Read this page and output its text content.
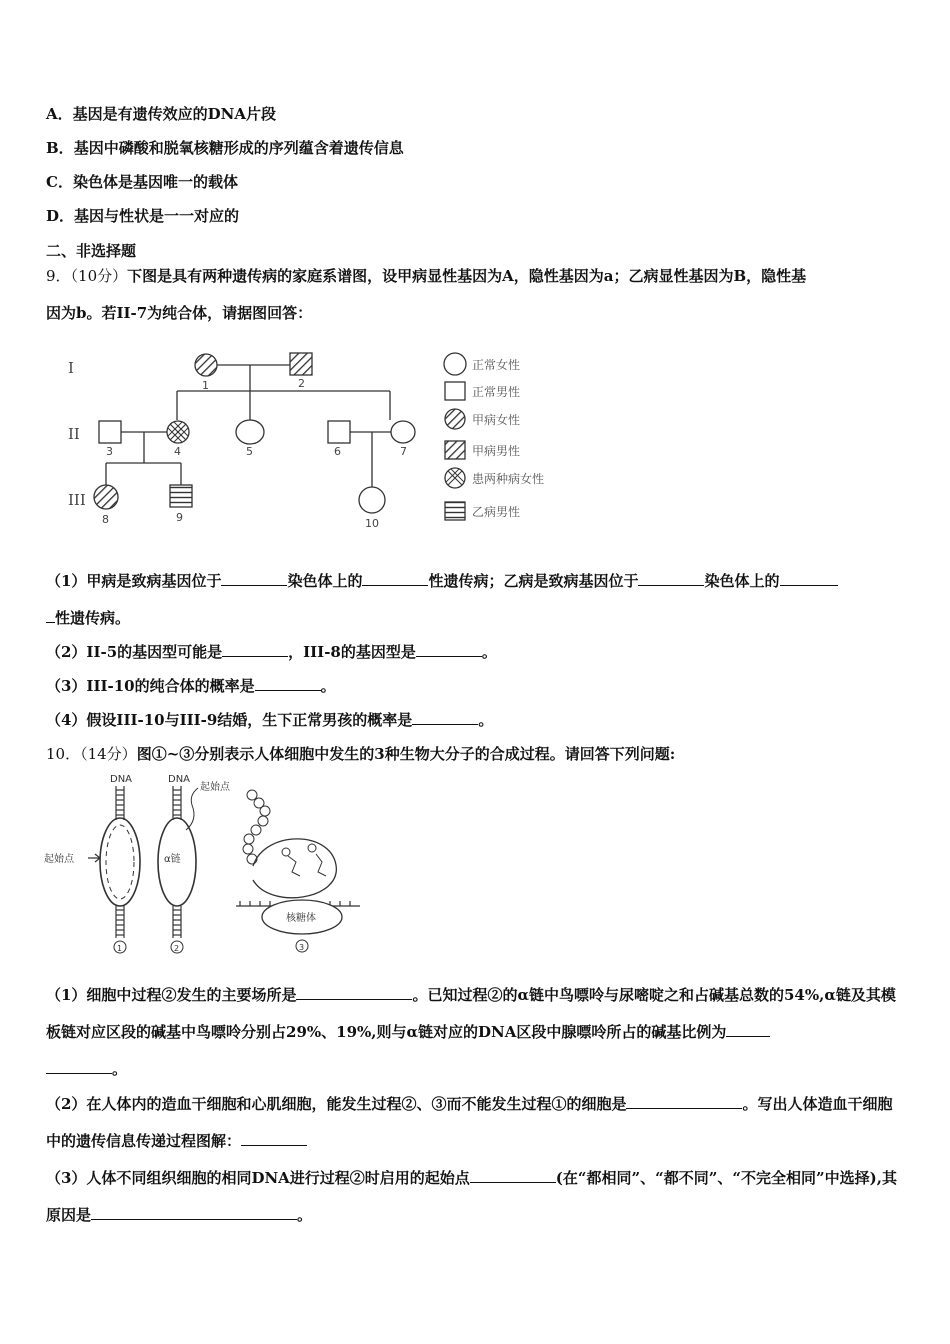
A．基因是有遗传效应的DNA片段
B．基因中磷酸和脱氧核糖形成的序列蕴含着遗传信息
C．染色体是基因唯一的载体
D．基因与性状是一一对应的
二、非选择题
9．（10分）下图是具有两种遗传病的家庭系谱图，设甲病显性基因为A，隐性基因为a；乙病显性基因为B，隐性基
因为b。若II-7为纯合体，请据图回答：
I
II
III
1	2
3	4	5	6	7
8	9	10
正常女性
正常男性
甲病女性
甲病男性
患两种病女性
乙病男性
（1）甲病是致病基因位于	染色体上的	性遗传病；乙病是致病基因位于	染色体上的
性遗传病。
（2）II-5的基因型可能是	，III-8的基因型是	。
（3）III-10的纯合体的概率是	。
（4）假设III-10与III-9结婚，生下正常男孩的概率是	。
10．（14分）图①~③分别表示人体细胞中发生的3种生物大分子的合成过程。请回答下列问题:
DNA
起始点
1
DNA
起始点
α链
2
核糖体
3
（1）细胞中过程②发生的主要场所是	。已知过程②的α链中鸟嘌呤与尿嘧啶之和占碱基总数的54%,α链及其模板链对应区段的碱基中鸟嘌呤分别占29%、19%,则与α链对应的DNA区段中腺嘌呤所占的碱基比例为
。
（2）在人体内的造血干细胞和心肌细胞，能发生过程②、③而不能发生过程①的细胞是	。写出人体造血干细胞中的遗传信息传递过程图解：
（3）人体不同组织细胞的相同DNA进行过程②时启用的起始点	(在“都相同”、“都不同”、“不完全相同”中选择),其原因是	。
